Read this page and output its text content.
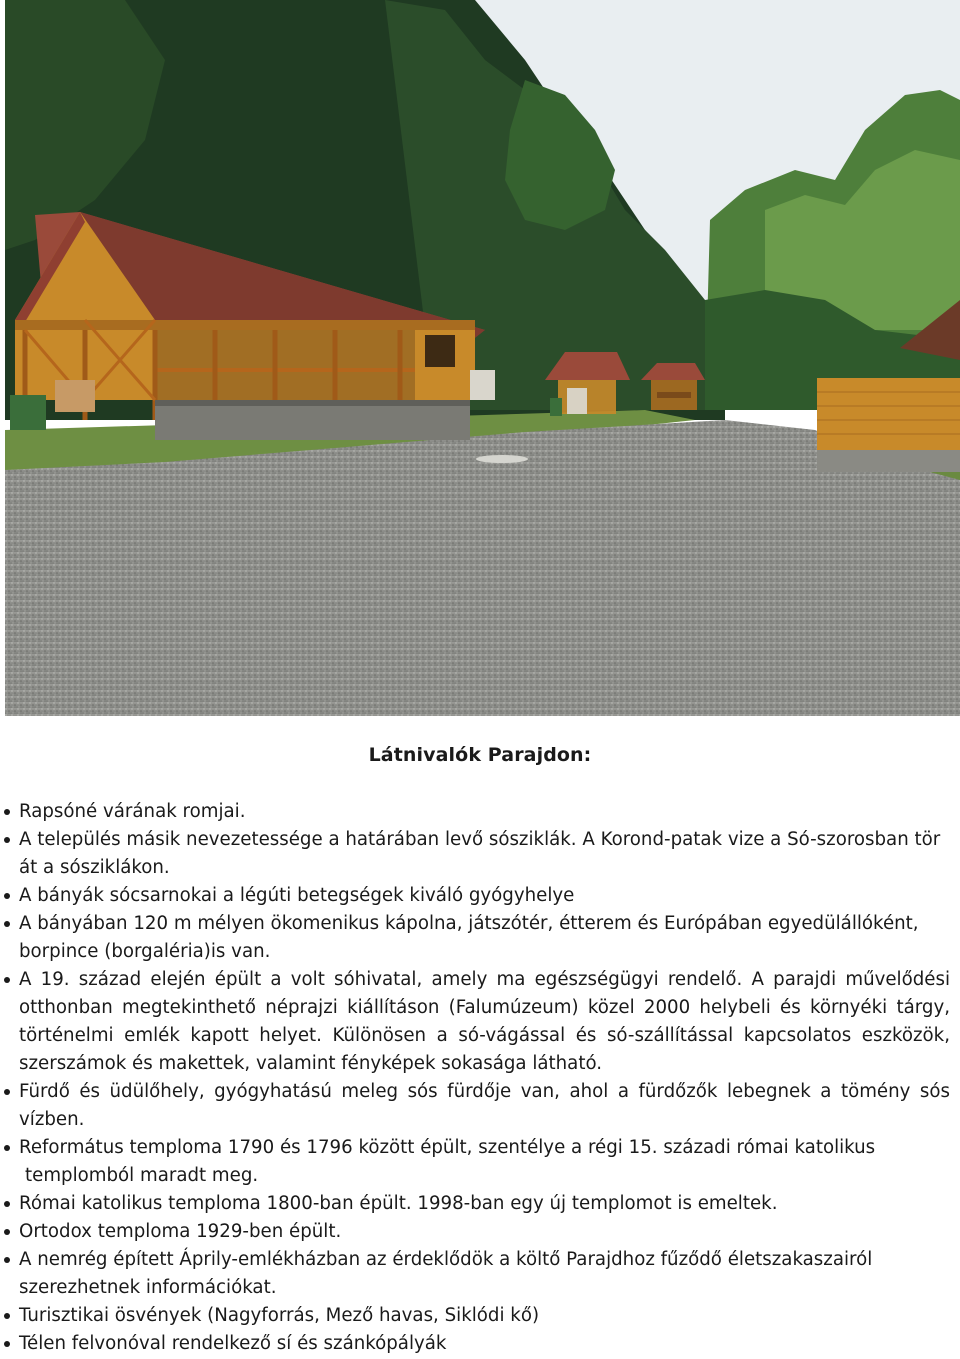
Látnivalók Parajdon:
Rapsóné várának romjai.
A település másik nevezetessége a határában levő sósziklák. A Korond-patak vize a Só-szorosban tör át a sósziklákon.
A bányák sócsarnokai a légúti betegségek kiváló gyógyhelye
A bányában 120 m mélyen ökomenikus kápolna, játszótér, étterem és Európában egyedülállóként, borpince (borgaléria)is van.
A 19. század elején épült a volt sóhivatal, amely ma egészségügyi rendelő. A parajdi művelődési otthonban megtekinthető néprajzi kiállításon (Falumúzeum) közel 2000 helybeli és környéki tárgy, történelmi emlék kapott helyet. Különösen a só-vágással és só-szállítással kapcsolatos eszközök, szerszámok és makettek, valamint fényképek sokasága látható.
Fürdő és üdülőhely, gyógyhatású meleg sós fürdője van, ahol a fürdőzők lebegnek a tömény sós vízben.
Református temploma 1790 és 1796 között épült, szentélye a régi 15. századi római katolikus
templomból maradt meg.
Római katolikus temploma 1800-ban épült. 1998-ban egy új templomot is emeltek.
Ortodox temploma 1929-ben épült.
A nemrég épített Áprily-emlékházban az érdeklődök a költő Parajdhoz fűződő életszakaszairól szerezhetnek információkat.
Turisztikai ösvények (Nagyforrás, Mező havas, Siklódi kő)
Télen felvonóval rendelkező sí és szánkópályák
